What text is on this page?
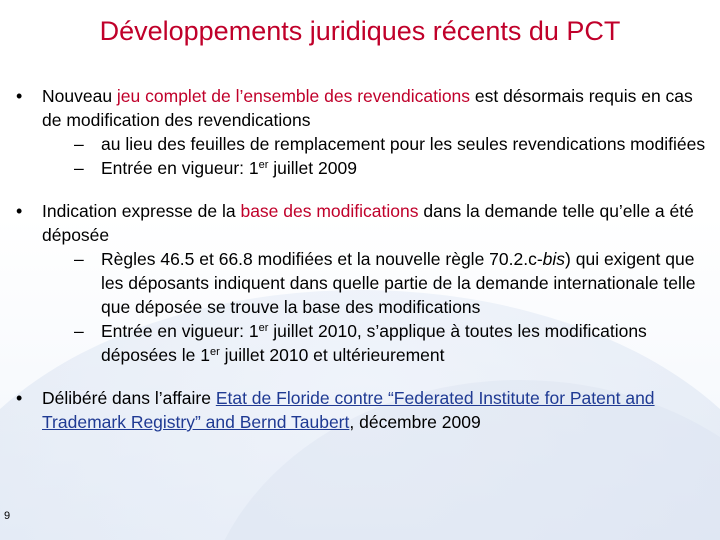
Développements juridiques récents du PCT
• Nouveau jeu complet de l’ensemble des revendications est désormais requis en cas de modification des revendications
– au lieu des feuilles de remplacement pour les seules revendications modifiées
– Entrée en vigueur: 1er juillet 2009
• Indication expresse de la base des modifications dans la demande telle qu’elle a été déposée
– Règles 46.5 et 66.8 modifiées et la nouvelle règle 70.2.c-bis) qui exigent que les déposants indiquent dans quelle partie de la demande internationale telle que déposée se trouve la base des modifications
– Entrée en vigueur: 1er juillet 2010, s’applique à toutes les modifications déposées le 1er juillet 2010 et ultérieurement
• Délibéré dans l’affaire Etat de Floride contre “Federated Institute for Patent and Trademark Registry” and Bernd Taubert, décembre 2009
9
